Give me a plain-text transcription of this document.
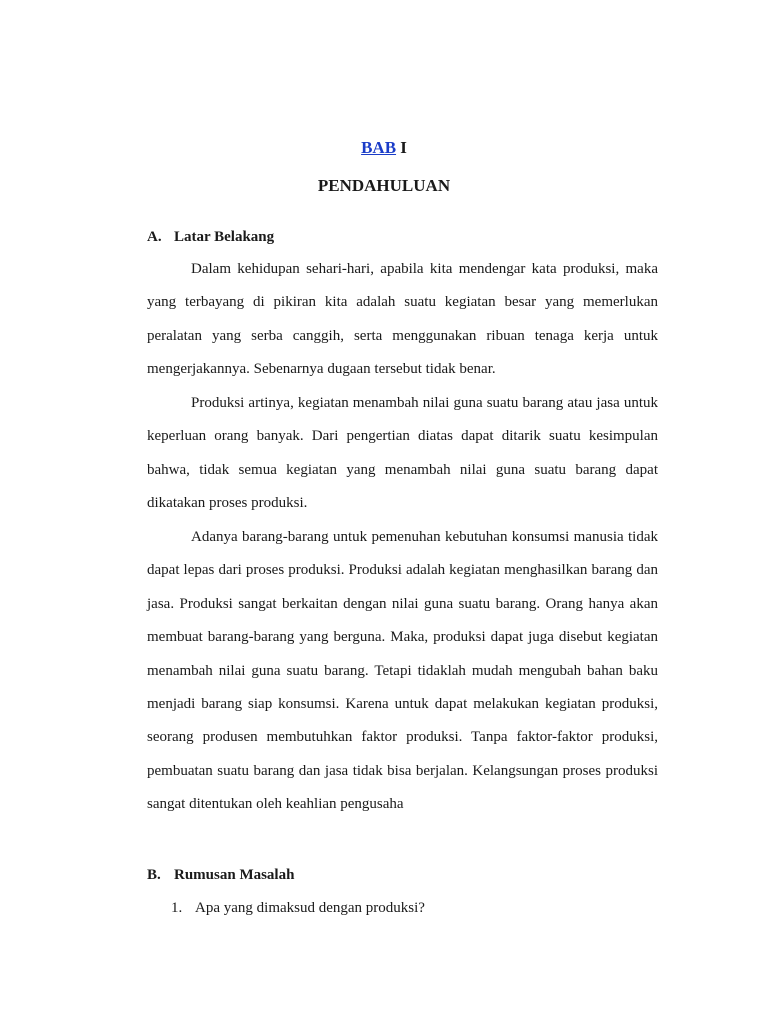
BAB I
PENDAHULUAN
A. Latar Belakang

Dalam kehidupan sehari-hari, apabila kita mendengar kata produksi, maka yang terbayang di pikiran kita adalah suatu kegiatan besar yang memerlukan peralatan yang serba canggih, serta menggunakan ribuan tenaga kerja untuk mengerjakannya. Sebenarnya dugaan tersebut tidak benar.

Produksi artinya, kegiatan menambah nilai guna suatu barang atau jasa untuk keperluan orang banyak. Dari pengertian diatas dapat ditarik suatu kesimpulan bahwa, tidak semua kegiatan yang menambah nilai guna suatu barang dapat dikatakan proses produksi.

Adanya barang-barang untuk pemenuhan kebutuhan konsumsi manusia tidak dapat lepas dari proses produksi. Produksi adalah kegiatan menghasilkan barang dan jasa. Produksi sangat berkaitan dengan nilai guna suatu barang. Orang hanya akan membuat barang-barang yang berguna. Maka, produksi dapat juga disebut kegiatan menambah nilai guna suatu barang. Tetapi tidaklah mudah mengubah bahan baku menjadi barang siap konsumsi. Karena untuk dapat melakukan kegiatan produksi, seorang produsen membutuhkan faktor produksi. Tanpa faktor-faktor produksi, pembuatan suatu barang dan jasa tidak bisa berjalan. Kelangsungan proses produksi sangat ditentukan oleh keahlian pengusaha

B. Rumusan Masalah
1. Apa yang dimaksud dengan produksi?
